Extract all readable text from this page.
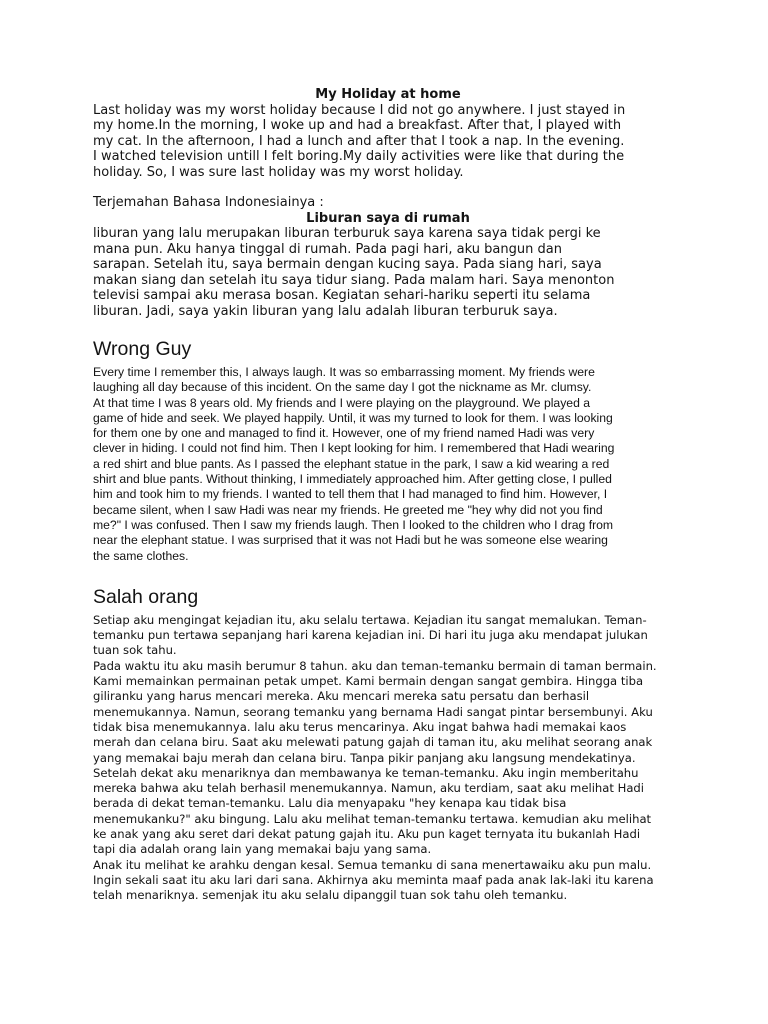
My Holiday at home

Last holiday was my worst holiday because I did not go anywhere. I just stayed in
my home.In the morning, I woke up and had a breakfast. After that, I played with
my cat. In the afternoon, I had a lunch and after that I took a nap. In the evening.
I watched television untill I felt boring.My daily activities were like that during the
holiday. So, I was sure last holiday was my worst holiday.

Terjemahan Bahasa Indonesiainya :

Liburan saya di rumah

liburan yang lalu merupakan liburan terburuk saya karena saya tidak pergi ke
mana pun. Aku hanya tinggal di rumah. Pada pagi hari, aku bangun dan
sarapan. Setelah itu, saya bermain dengan kucing saya. Pada siang hari, saya
makan siang dan setelah itu saya tidur siang. Pada malam hari. Saya menonton
televisi sampai aku merasa bosan. Kegiatan sehari-hariku seperti itu selama
liburan. Jadi, saya yakin liburan yang lalu adalah liburan terburuk saya.

Wrong Guy

Every time I remember this, I always laugh. It was so embarrassing moment. My friends were
laughing all day because of this incident. On the same day I got the nickname as Mr. clumsy.
At that time I was 8 years old. My friends and I were playing on the playground. We played a
game of hide and seek. We played happily. Until, it was my turned to look for them. I was looking
for them one by one and managed to find it. However, one of my friend named Hadi was very
clever in hiding. I could not find him. Then I kept looking for him. I remembered that Hadi wearing
a red shirt and blue pants. As I passed the elephant statue in the park, I saw a kid wearing a red
shirt and blue pants. Without thinking, I immediately approached him. After getting close, I pulled
him and took him to my friends. I wanted to tell them that I had managed to find him. However, I
became silent, when I saw Hadi was near my friends. He greeted me "hey why did not you find
me?" I was confused. Then I saw my friends laugh. Then I looked to the children who I drag from
near the elephant statue. I was surprised that it was not Hadi but he was someone else wearing
the same clothes.

Salah orang

Setiap aku mengingat kejadian itu, aku selalu tertawa. Kejadian itu sangat memalukan. Teman-
temanku pun tertawa sepanjang hari karena kejadian ini. Di hari itu juga aku mendapat julukan
tuan sok tahu.
Pada waktu itu aku masih berumur 8 tahun. aku dan teman-temanku bermain di taman bermain.
Kami memainkan permainan petak umpet. Kami bermain dengan sangat gembira. Hingga tiba
giliranku yang harus mencari mereka. Aku mencari mereka satu persatu dan berhasil
menemukannya. Namun, seorang temanku yang bernama Hadi sangat pintar bersembunyi. Aku
tidak bisa menemukannya. lalu aku terus mencarinya. Aku ingat bahwa hadi memakai kaos
merah dan celana biru. Saat aku melewati patung gajah di taman itu, aku melihat seorang anak
yang memakai baju merah dan celana biru. Tanpa pikir panjang aku langsung mendekatinya.
Setelah dekat aku menariknya dan membawanya ke teman-temanku. Aku ingin memberitahu
mereka bahwa aku telah berhasil menemukannya. Namun, aku terdiam, saat aku melihat Hadi
berada di dekat teman-temanku. Lalu dia menyapaku "hey kenapa kau tidak bisa
menemukanku?" aku bingung. Lalu aku melihat teman-temanku tertawa. kemudian aku melihat
ke anak yang aku seret dari dekat patung gajah itu. Aku pun kaget ternyata itu bukanlah Hadi
tapi dia adalah orang lain yang memakai baju yang sama.
Anak itu melihat ke arahku dengan kesal. Semua temanku di sana menertawaiku aku pun malu.
Ingin sekali saat itu aku lari dari sana. Akhirnya aku meminta maaf pada anak lak-laki itu karena
telah menariknya. semenjak itu aku selalu dipanggil tuan sok tahu oleh temanku.
